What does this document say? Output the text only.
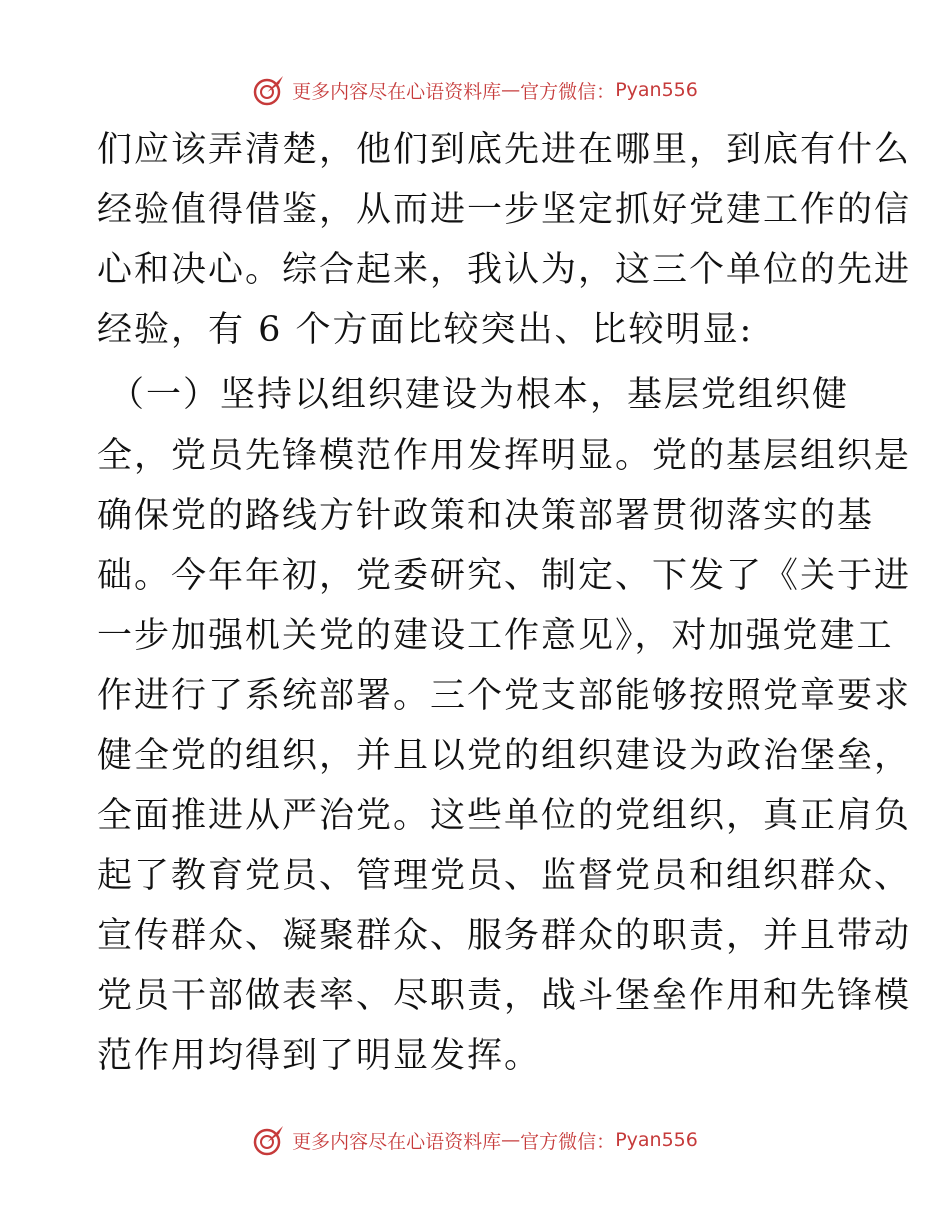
更多内容尽在心语资料库 — 官方微信： Pyan556
们应该弄清楚，他们到底先进在哪里，到底有什么
经验值得借鉴，从而进一步坚定抓好党建工作的信
心和决心。综合起来，我认为，这三个单位的先进
经验，有 6 个方面比较突出、比较明显:
（一）坚持以组织建设为根本，基层党组织健
全，党员先锋模范作用发挥明显。党的基层组织是
确保党的路线方针政策和决策部署贯彻落实的基
础。今年年初，党委研究、制定、下发了《关于进
一步加强机关党的建设工作意见》，对加强党建工
作进行了系统部署。三个党支部能够按照党章要求
健全党的组织，并且以党的组织建设为政治堡垒，
全面推进从严治党。这些单位的党组织，真正肩负
起了教育党员、管理党员、监督党员和组织群众、
宣传群众、凝聚群众、服务群众的职责，并且带动
党员干部做表率、尽职责，战斗堡垒作用和先锋模
范作用均得到了明显发挥。
更多内容尽在心语资料库 — 官方微信： Pyan556
